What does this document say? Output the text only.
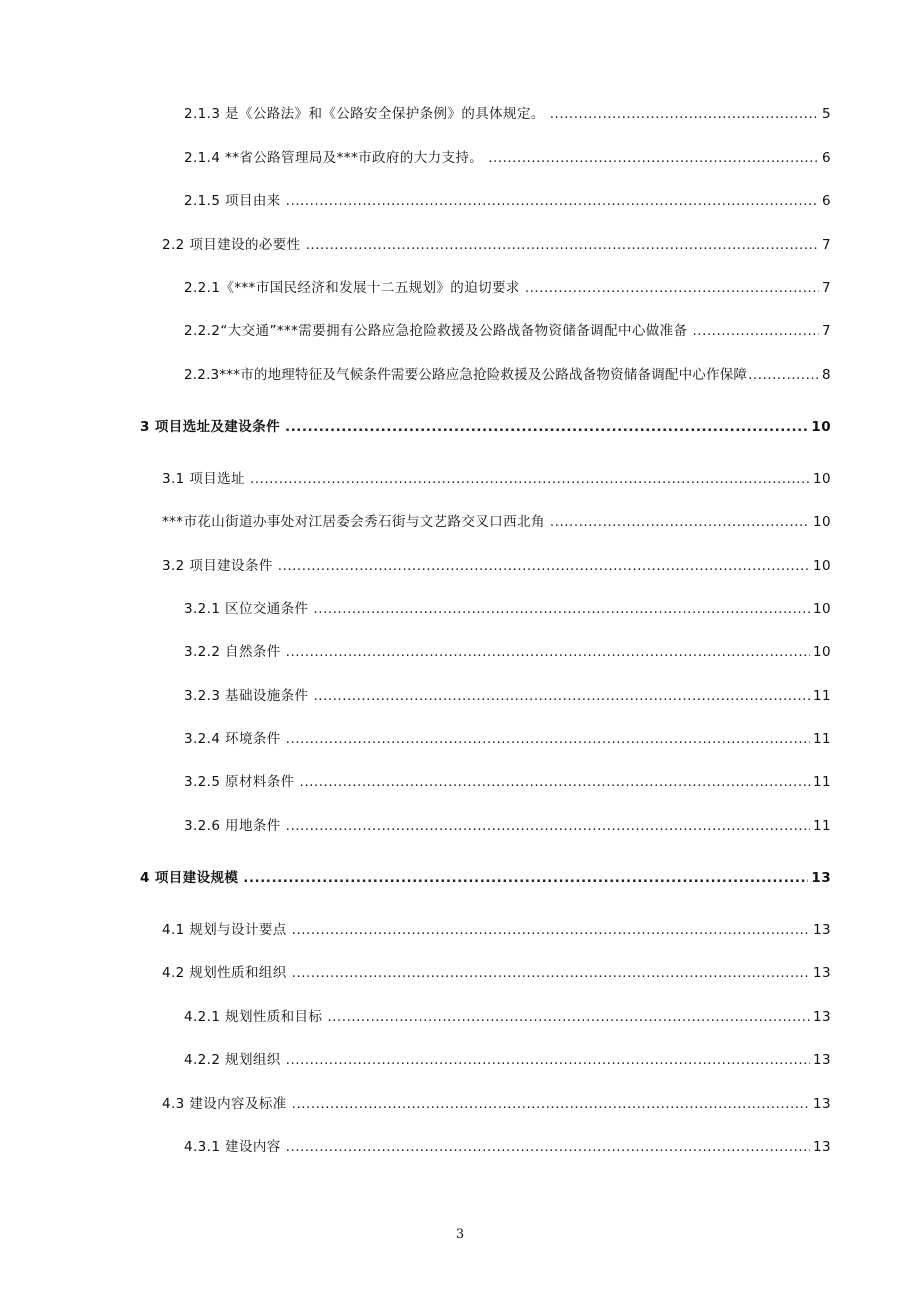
2.1.3 是《公路法》和《公路安全保护条例》的具体规定。 .....	5
2.1.4 **省公路管理局及***市政府的大力支持。 .....	6
2.1.5 项目由来 .....	6
2.2 项目建设的必要性 .....	7
2.2.1《***市国民经济和发展十二五规划》的迫切要求 .....	7
2.2.2“大交通”***需要拥有公路应急抢险救援及公路战备物资储备调配中心做准备 .....	7
2.2.3***市的地理特征及气候条件需要公路应急抢险救援及公路战备物资储备调配中心作保障 .....	8
3 项目选址及建设条件 .....	10
3.1 项目选址 .....	10
***市花山街道办事处对江居委会秀石街与文艺路交叉口西北角 .....	10
3.2 项目建设条件 .....	10
3.2.1 区位交通条件 .....	10
3.2.2 自然条件 .....	10
3.2.3 基础设施条件 .....	11
3.2.4 环境条件 .....	11
3.2.5 原材料条件 .....	11
3.2.6 用地条件 .....	11
4 项目建设规模 .....	13
4.1 规划与设计要点 .....	13
4.2 规划性质和组织 .....	13
4.2.1 规划性质和目标 .....	13
4.2.2 规划组织 .....	13
4.3 建设内容及标准 .....	13
4.3.1 建设内容 .....	13
3
